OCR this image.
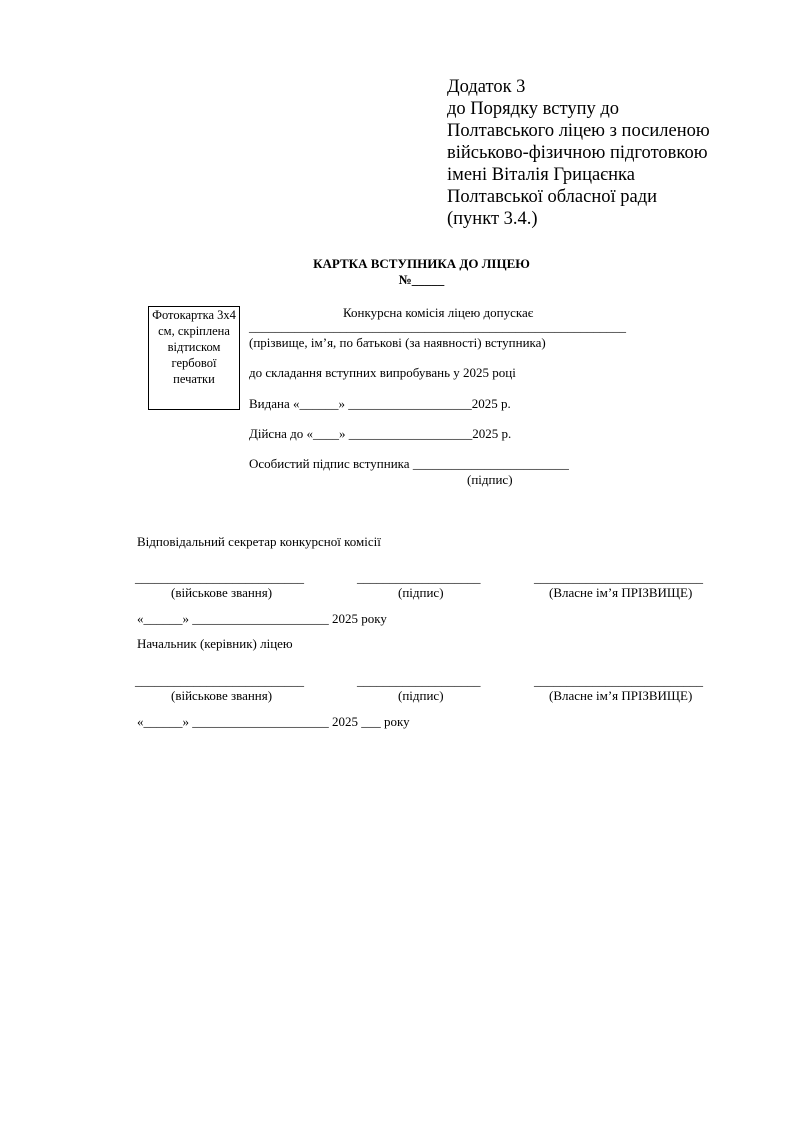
Додаток 3
до Порядку вступу до
Полтавського ліцею з посиленою
військово-фізичною підготовкою
імені Віталія Грицаєнка
Полтавської обласної ради
(пункт 3.4.)
КАРТКА ВСТУПНИКА ДО ЛІЦЕЮ
№_____
Фотокартка 3х4
см, скріплена
відтиском
гербової
печатки
Конкурсна комісія ліцею допускає
__________________________________________________________
(прізвище, ім’я, по батькові (за наявності) вступника)
до складання вступних випробувань у 2025 році
Видана «______» ___________________2025 р.
Дійсна до «____» ___________________2025 р.
Особистий підпис вступника ________________________
(підпис)
Відповідальний секретар конкурсної комісії
__________________________	___________________	__________________________
(військове звання)	(підпис)	(Власне ім’я ПРІЗВИЩЕ)
«______» _____________________ 2025 року
Начальник (керівник) ліцею
__________________________	___________________	__________________________
(військове звання)	(підпис)	(Власне ім’я ПРІЗВИЩЕ)
«______» _____________________ 2025 ___ року
